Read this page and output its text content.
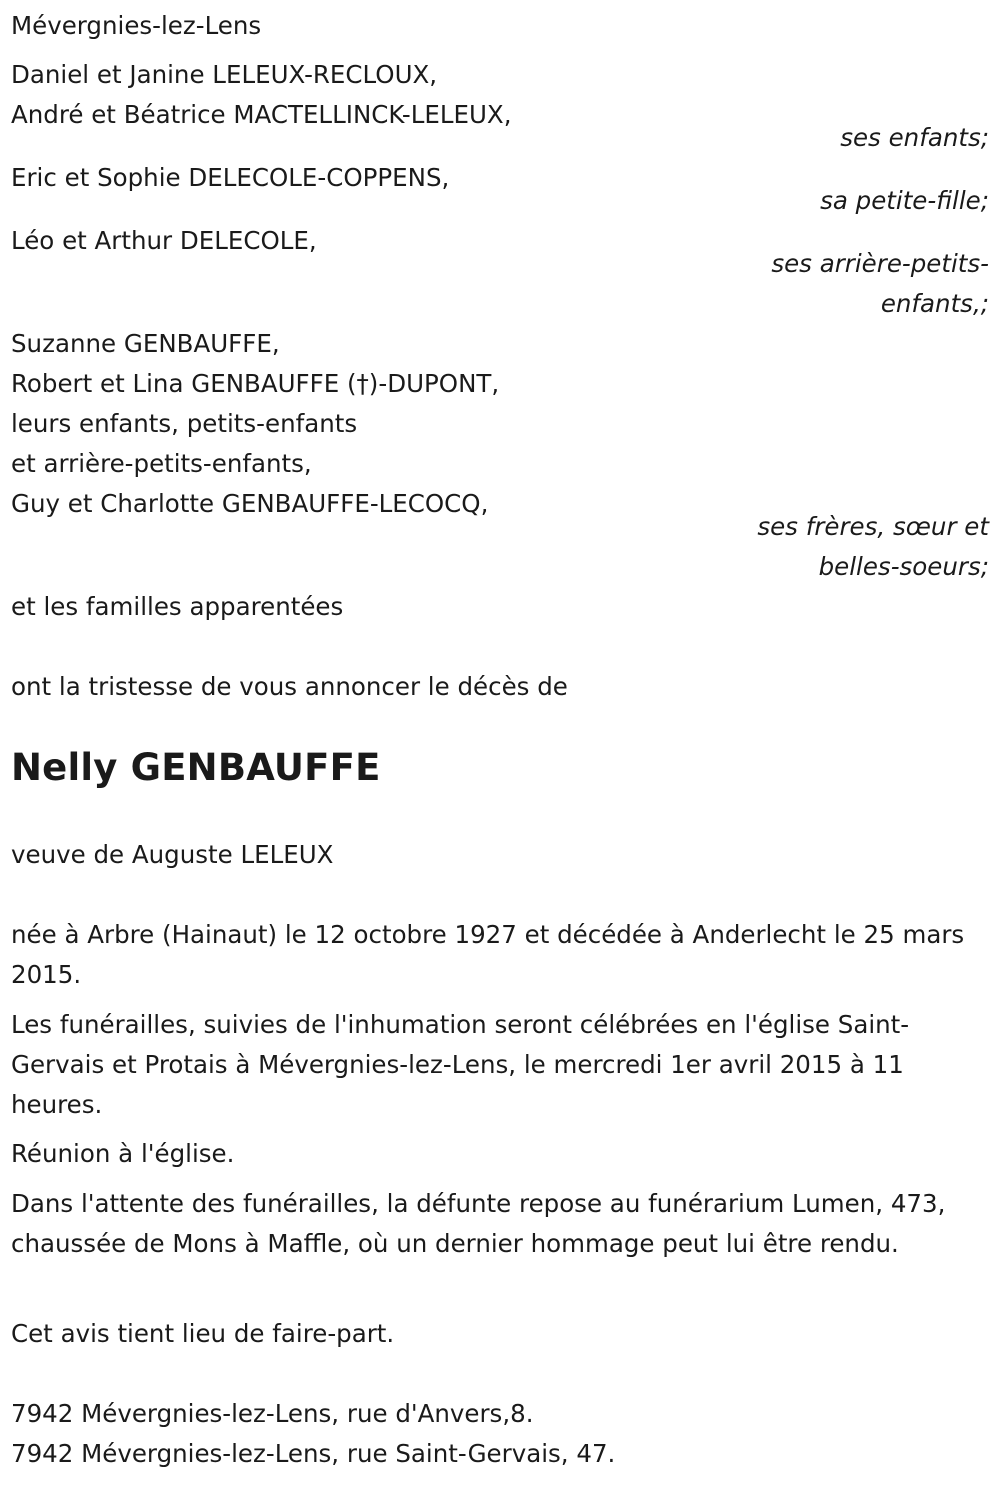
Mévergnies-lez-Lens
Daniel et Janine LELEUX-RECLOUX,
André et Béatrice MACTELLINCK-LELEUX,
ses enfants;
Eric et Sophie DELECOLE-COPPENS,
sa petite-fille;
Léo et Arthur DELECOLE,
ses arrière-petits-
enfants,;
Suzanne GENBAUFFE,
Robert et Lina GENBAUFFE (†)-DUPONT,
leurs enfants, petits-enfants
et arrière-petits-enfants,
Guy et Charlotte GENBAUFFE-LECOCQ,
ses frères, sœur et
belles-soeurs;
et les familles apparentées
ont la tristesse de vous annoncer le décès de
Nelly GENBAUFFE
veuve de Auguste LELEUX
née à Arbre (Hainaut) le 12 octobre 1927 et décédée à Anderlecht le 25 mars 2015.
Les funérailles, suivies de l'inhumation seront célébrées en l'église Saint-Gervais et Protais à Mévergnies-lez-Lens, le mercredi 1er avril 2015 à 11 heures.
Réunion à l'église.
Dans l'attente des funérailles, la défunte repose au funérarium Lumen, 473, chaussée de Mons à Maffle, où un dernier hommage peut lui être rendu.
Cet avis tient lieu de faire-part.
7942 Mévergnies-lez-Lens, rue d'Anvers,8.
7942 Mévergnies-lez-Lens, rue Saint-Gervais, 47.
